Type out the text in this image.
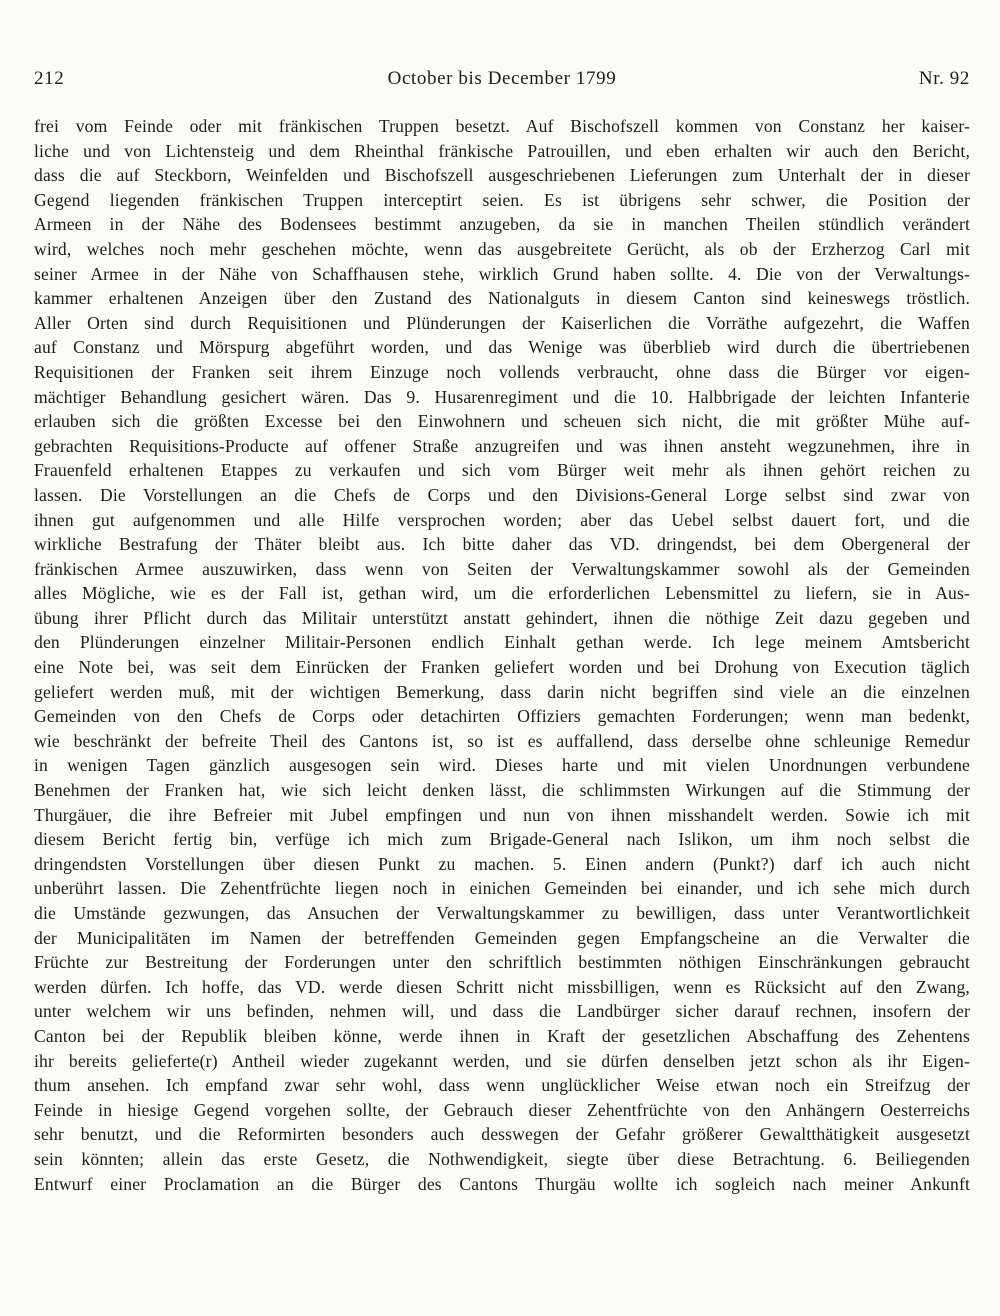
212	October bis December 1799	Nr. 92
frei vom Feinde oder mit fränkischen Truppen besetzt. Auf Bischofszell kommen von Constanz her kaiser-
liche und von Lichtensteig und dem Rheinthal fränkische Patrouillen, und eben erhalten wir auch den Bericht,
dass die auf Steckborn, Weinfelden und Bischofszell ausgeschriebenen Lieferungen zum Unterhalt der in dieser
Gegend liegenden fränkischen Truppen interceptirt seien. Es ist übrigens sehr schwer, die Position der
Armeen in der Nähe des Bodensees bestimmt anzugeben, da sie in manchen Theilen stündlich verändert
wird, welches noch mehr geschehen möchte, wenn das ausgebreitete Gerücht, als ob der Erzherzog Carl mit
seiner Armee in der Nähe von Schaffhausen stehe, wirklich Grund haben sollte. 4. Die von der Verwaltungs-
kammer erhaltenen Anzeigen über den Zustand des Nationalguts in diesem Canton sind keineswegs tröstlich.
Aller Orten sind durch Requisitionen und Plünderungen der Kaiserlichen die Vorräthe aufgezehrt, die Waffen
auf Constanz und Mörspurg abgeführt worden, und das Wenige was überblieb wird durch die übertriebenen
Requisitionen der Franken seit ihrem Einzuge noch vollends verbraucht, ohne dass die Bürger vor eigen-
mächtiger Behandlung gesichert wären. Das 9. Husarenregiment und die 10. Halbbrigade der leichten Infanterie
erlauben sich die größten Excesse bei den Einwohnern und scheuen sich nicht, die mit größter Mühe auf-
gebrachten Requisitions-Producte auf offener Straße anzugreifen und was ihnen ansteht wegzunehmen, ihre in
Frauenfeld erhaltenen Etappes zu verkaufen und sich vom Bürger weit mehr als ihnen gehört reichen zu
lassen. Die Vorstellungen an die Chefs de Corps und den Divisions-General Lorge selbst sind zwar von
ihnen gut aufgenommen und alle Hilfe versprochen worden; aber das Uebel selbst dauert fort, und die
wirkliche Bestrafung der Thäter bleibt aus. Ich bitte daher das VD. dringendst, bei dem Obergeneral der
fränkischen Armee auszuwirken, dass wenn von Seiten der Verwaltungskammer sowohl als der Gemeinden
alles Mögliche, wie es der Fall ist, gethan wird, um die erforderlichen Lebensmittel zu liefern, sie in Aus-
übung ihrer Pflicht durch das Militair unterstützt anstatt gehindert, ihnen die nöthige Zeit dazu gegeben und
den Plünderungen einzelner Militair-Personen endlich Einhalt gethan werde. Ich lege meinem Amtsbericht
eine Note bei, was seit dem Einrücken der Franken geliefert worden und bei Drohung von Execution täglich
geliefert werden muß, mit der wichtigen Bemerkung, dass darin nicht begriffen sind viele an die einzelnen
Gemeinden von den Chefs de Corps oder detachirten Offiziers gemachten Forderungen; wenn man bedenkt,
wie beschränkt der befreite Theil des Cantons ist, so ist es auffallend, dass derselbe ohne schleunige Remedur
in wenigen Tagen gänzlich ausgesogen sein wird. Dieses harte und mit vielen Unordnungen verbundene
Benehmen der Franken hat, wie sich leicht denken lässt, die schlimmsten Wirkungen auf die Stimmung der
Thurgäuer, die ihre Befreier mit Jubel empfingen und nun von ihnen misshandelt werden. Sowie ich mit
diesem Bericht fertig bin, verfüge ich mich zum Brigade-General nach Islikon, um ihm noch selbst die
dringendsten Vorstellungen über diesen Punkt zu machen. 5. Einen andern (Punkt?) darf ich auch nicht
unberührt lassen. Die Zehentfrüchte liegen noch in einichen Gemeinden bei einander, und ich sehe mich durch
die Umstände gezwungen, das Ansuchen der Verwaltungskammer zu bewilligen, dass unter Verantwortlichkeit
der Municipalitäten im Namen der betreffenden Gemeinden gegen Empfangscheine an die Verwalter die
Früchte zur Bestreitung der Forderungen unter den schriftlich bestimmten nöthigen Einschränkungen gebraucht
werden dürfen. Ich hoffe, das VD. werde diesen Schritt nicht missbilligen, wenn es Rücksicht auf den Zwang,
unter welchem wir uns befinden, nehmen will, und dass die Landbürger sicher darauf rechnen, insofern der
Canton bei der Republik bleiben könne, werde ihnen in Kraft der gesetzlichen Abschaffung des Zehentens
ihr bereits gelieferte(r) Antheil wieder zugekannt werden, und sie dürfen denselben jetzt schon als ihr Eigen-
thum ansehen. Ich empfand zwar sehr wohl, dass wenn unglücklicher Weise etwan noch ein Streifzug der
Feinde in hiesige Gegend vorgehen sollte, der Gebrauch dieser Zehentfrüchte von den Anhängern Oesterreichs
sehr benutzt, und die Reformirten besonders auch desswegen der Gefahr größerer Gewaltthätigkeit ausgesetzt
sein könnten; allein das erste Gesetz, die Nothwendigkeit, siegte über diese Betrachtung. 6. Beiliegenden
Entwurf einer Proclamation an die Bürger des Cantons Thurgäu wollte ich sogleich nach meiner Ankunft
